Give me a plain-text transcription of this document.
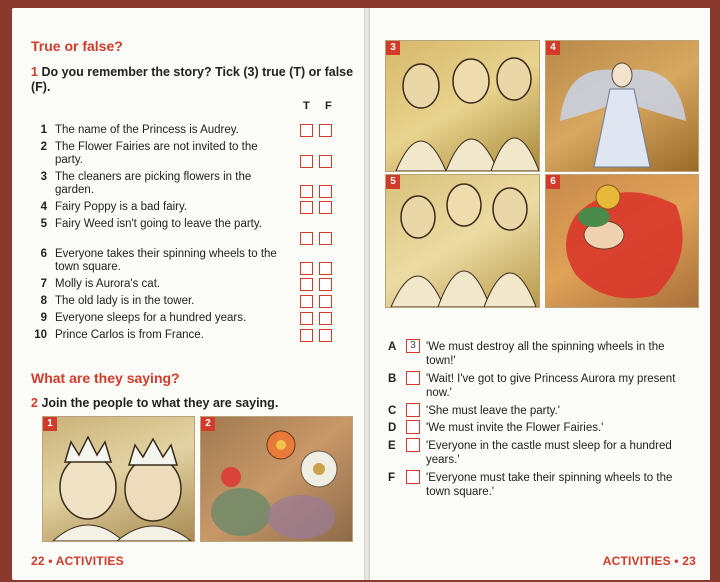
True or false?
1 Do you remember the story? Tick (3) true (T) or false (F).
T F
1 The name of the Princess is Audrey.
2 The Flower Fairies are not invited to the party.
3 The cleaners are picking flowers in the garden.
4 Fairy Poppy is a bad fairy.
5 Fairy Weed isn't going to leave the party.
6 Everyone takes their spinning wheels to the town square.
7 Molly is Aurora's cat.
8 The old lady is in the tower.
9 Everyone sleeps for a hundred years.
10 Prince Carlos is from France.
What are they saying?
2 Join the people to what they are saying.
1	2
22 • ACTIVITIES
3	4
5	6
A	3 'We must destroy all the spinning wheels in the town!'
B	'Wait! I've got to give Princess Aurora my present now.'
C	'She must leave the party.'
D	'We must invite the Flower Fairies.'
E	'Everyone in the castle must sleep for a hundred years.'
F	'Everyone must take their spinning wheels to the town square.'
ACTIVITIES • 23
